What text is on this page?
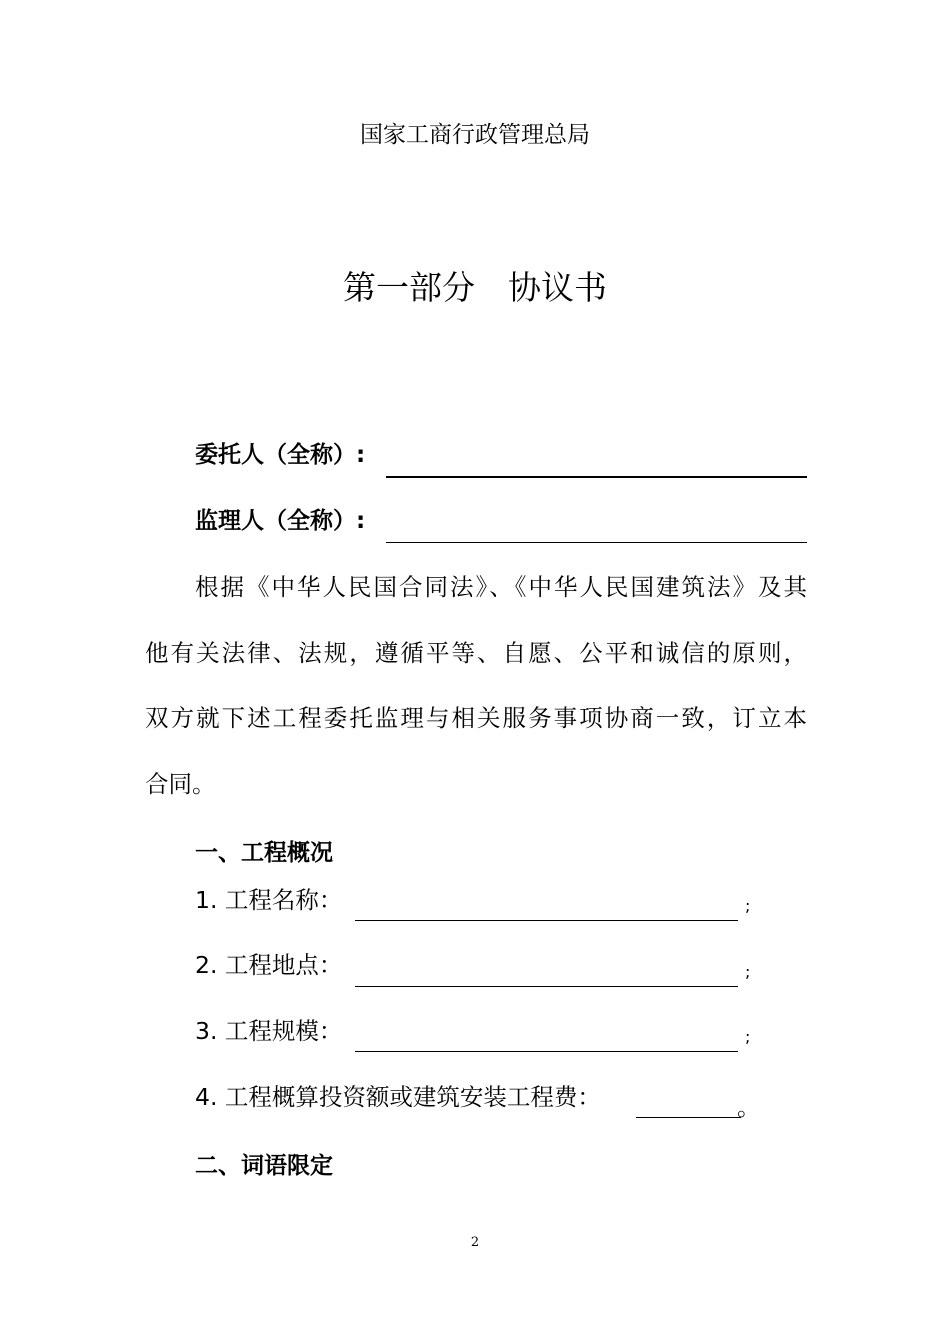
国家工商行政管理总局
第一部分　协议书
委托人（全称）:
监理人（全称）:
根据《中华人民国合同法》、《中华人民国建筑法》及其
他有关法律、法规，遵循平等、自愿、公平和诚信的原则，
双方就下述工程委托监理与相关服务事项协商一致，订立本
合同。
一、工程概况
1. 工程名称：	;
2. 工程地点：	;
3. 工程规模：	;
4. 工程概算投资额或建筑安装工程费：	。
二、词语限定
2
